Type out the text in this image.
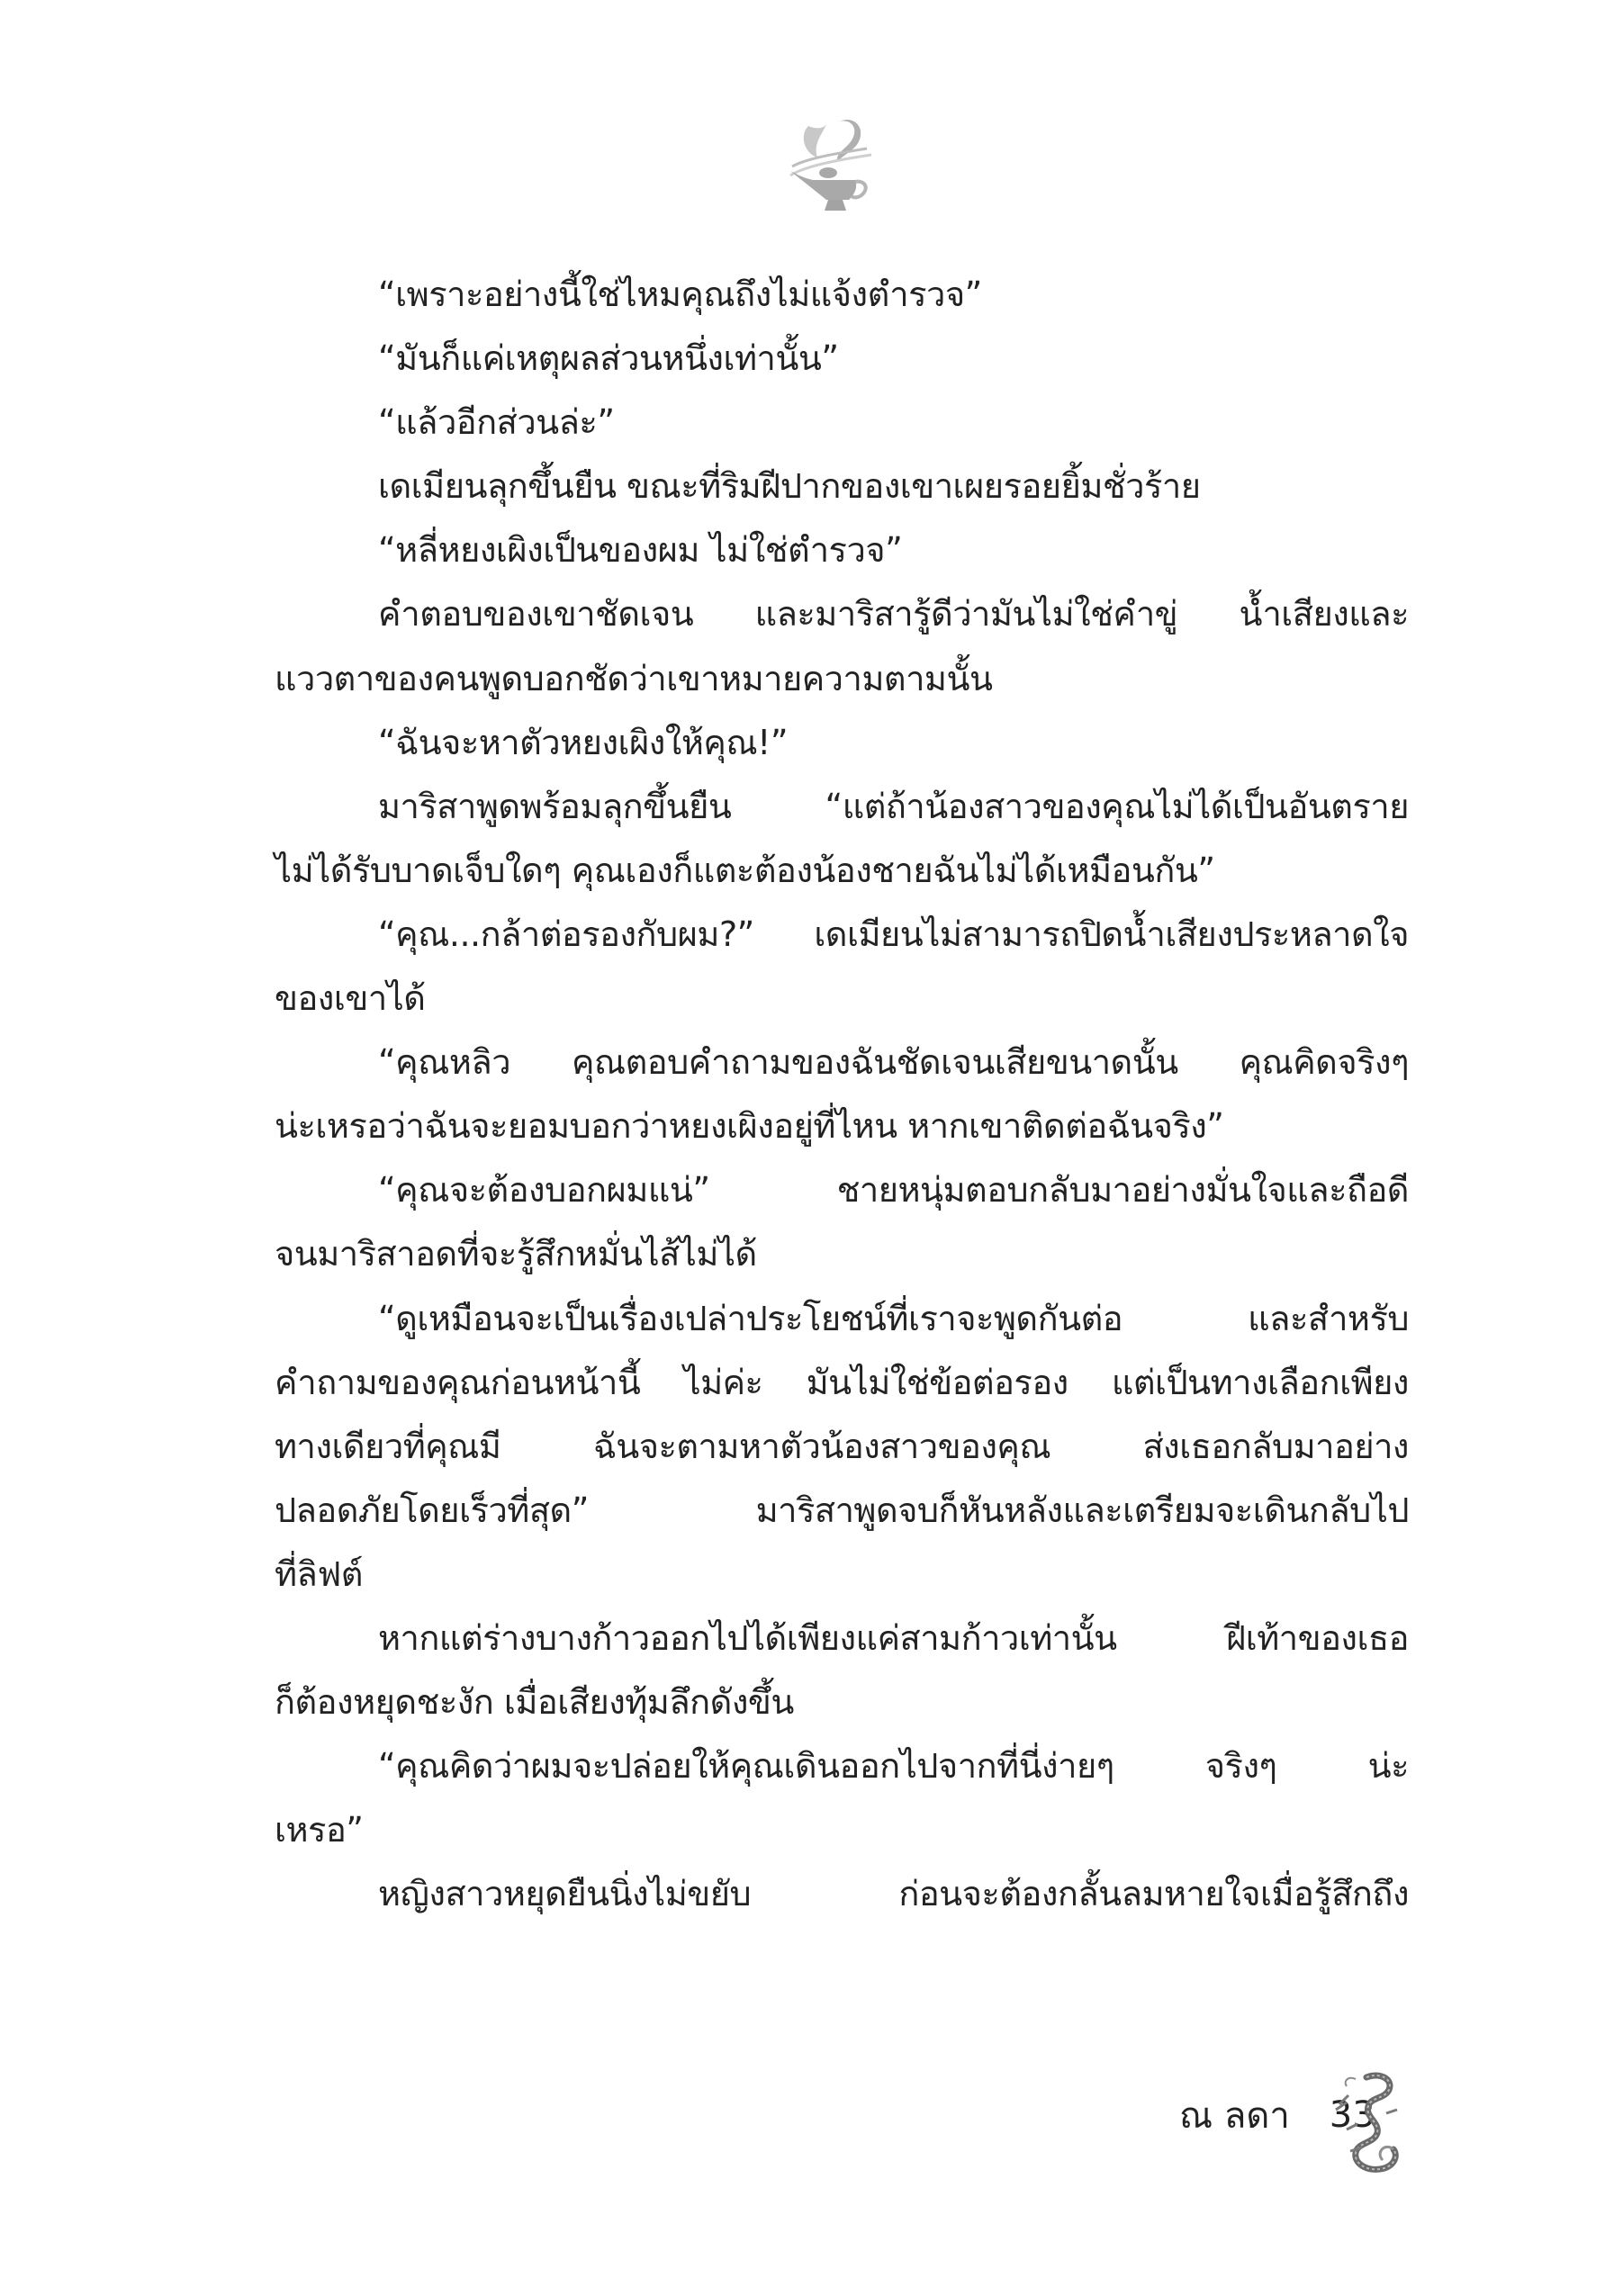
“เพราะอย่างนี้ใช่ไหมคุณถึงไม่แจ้งตำรวจ”
“มันก็แค่เหตุผลส่วนหนึ่งเท่านั้น”
“แล้วอีกส่วนล่ะ”
เดเมียนลุกขึ้นยืน ขณะที่ริมฝีปากของเขาเผยรอยยิ้มชั่วร้าย
“หลี่หยงเผิงเป็นของผม ไม่ใช่ตำรวจ”
คำตอบของเขาชัดเจน และมาริสารู้ดีว่ามันไม่ใช่คำขู่ น้ำเสียงและ
แววตาของคนพูดบอกชัดว่าเขาหมายความตามนั้น
“ฉันจะหาตัวหยงเผิงให้คุณ!”
มาริสาพูดพร้อมลุกขึ้นยืน “แต่ถ้าน้องสาวของคุณไม่ได้เป็นอันตราย
ไม่ได้รับบาดเจ็บใดๆ คุณเองก็แตะต้องน้องชายฉันไม่ได้เหมือนกัน”
“คุณ...กล้าต่อรองกับผม?” เดเมียนไม่สามารถปิดน้ำเสียงประหลาดใจ
ของเขาได้
“คุณหลิว คุณตอบคำถามของฉันชัดเจนเสียขนาดนั้น คุณคิดจริงๆ
น่ะเหรอว่าฉันจะยอมบอกว่าหยงเผิงอยู่ที่ไหน หากเขาติดต่อฉันจริง”
“คุณจะต้องบอกผมแน่” ชายหนุ่มตอบกลับมาอย่างมั่นใจและถือดี
จนมาริสาอดที่จะรู้สึกหมั่นไส้ไม่ได้
“ดูเหมือนจะเป็นเรื่องเปล่าประโยชน์ที่เราจะพูดกันต่อ และสำหรับ
คำถามของคุณก่อนหน้านี้ ไม่ค่ะ มันไม่ใช่ข้อต่อรอง แต่เป็นทางเลือกเพียง
ทางเดียวที่คุณมี ฉันจะตามหาตัวน้องสาวของคุณ ส่งเธอกลับมาอย่าง
ปลอดภัยโดยเร็วที่สุด” มาริสาพูดจบก็หันหลังและเตรียมจะเดินกลับไป
ที่ลิฟต์
หากแต่ร่างบางก้าวออกไปได้เพียงแค่สามก้าวเท่านั้น ฝีเท้าของเธอ
ก็ต้องหยุดชะงัก เมื่อเสียงทุ้มลึกดังขึ้น
“คุณคิดว่าผมจะปล่อยให้คุณเดินออกไปจากที่นี่ง่ายๆ จริงๆ น่ะ
เหรอ”
หญิงสาวหยุดยืนนิ่งไม่ขยับ ก่อนจะต้องกลั้นลมหายใจเมื่อรู้สึกถึง
ณ ลดา 33
